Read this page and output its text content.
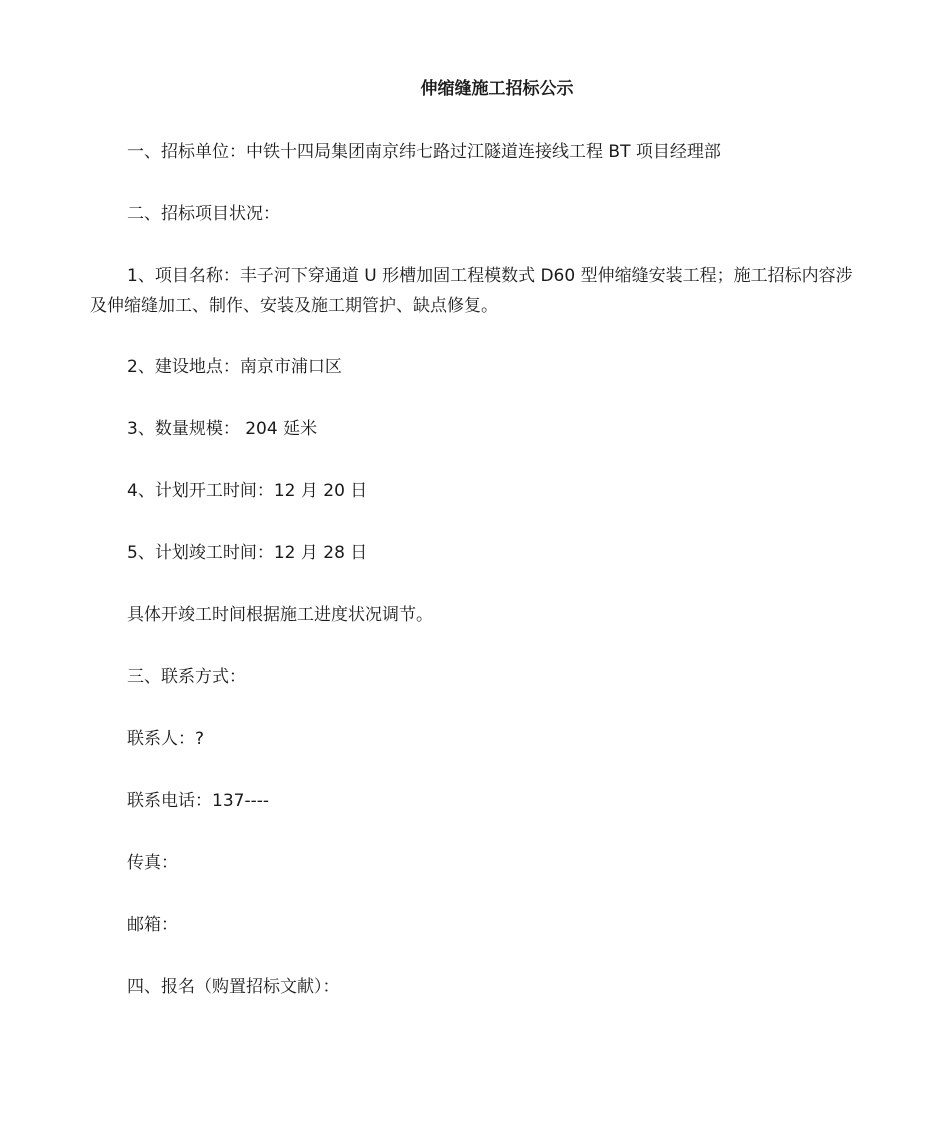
伸缩缝施工招标公示
一、招标单位：中铁十四局集团南京纬七路过江隧道连接线工程 BT 项目经理部
二、招标项目状况：
1、项目名称：丰子河下穿通道 U 形槽加固工程模数式 D60 型伸缩缝安装工程；施工招标内容涉及伸缩缝加工、制作、安装及施工期管护、缺点修复。
2、建设地点：南京市浦口区
3、数量规模： 204 延米
4、计划开工时间：12 月 20 日
5、计划竣工时间：12 月 28 日
具体开竣工时间根据施工进度状况调节。
三、联系方式：
联系人：?
联系电话：137----
传真：
邮箱：
四、报名（购置招标文献）：
